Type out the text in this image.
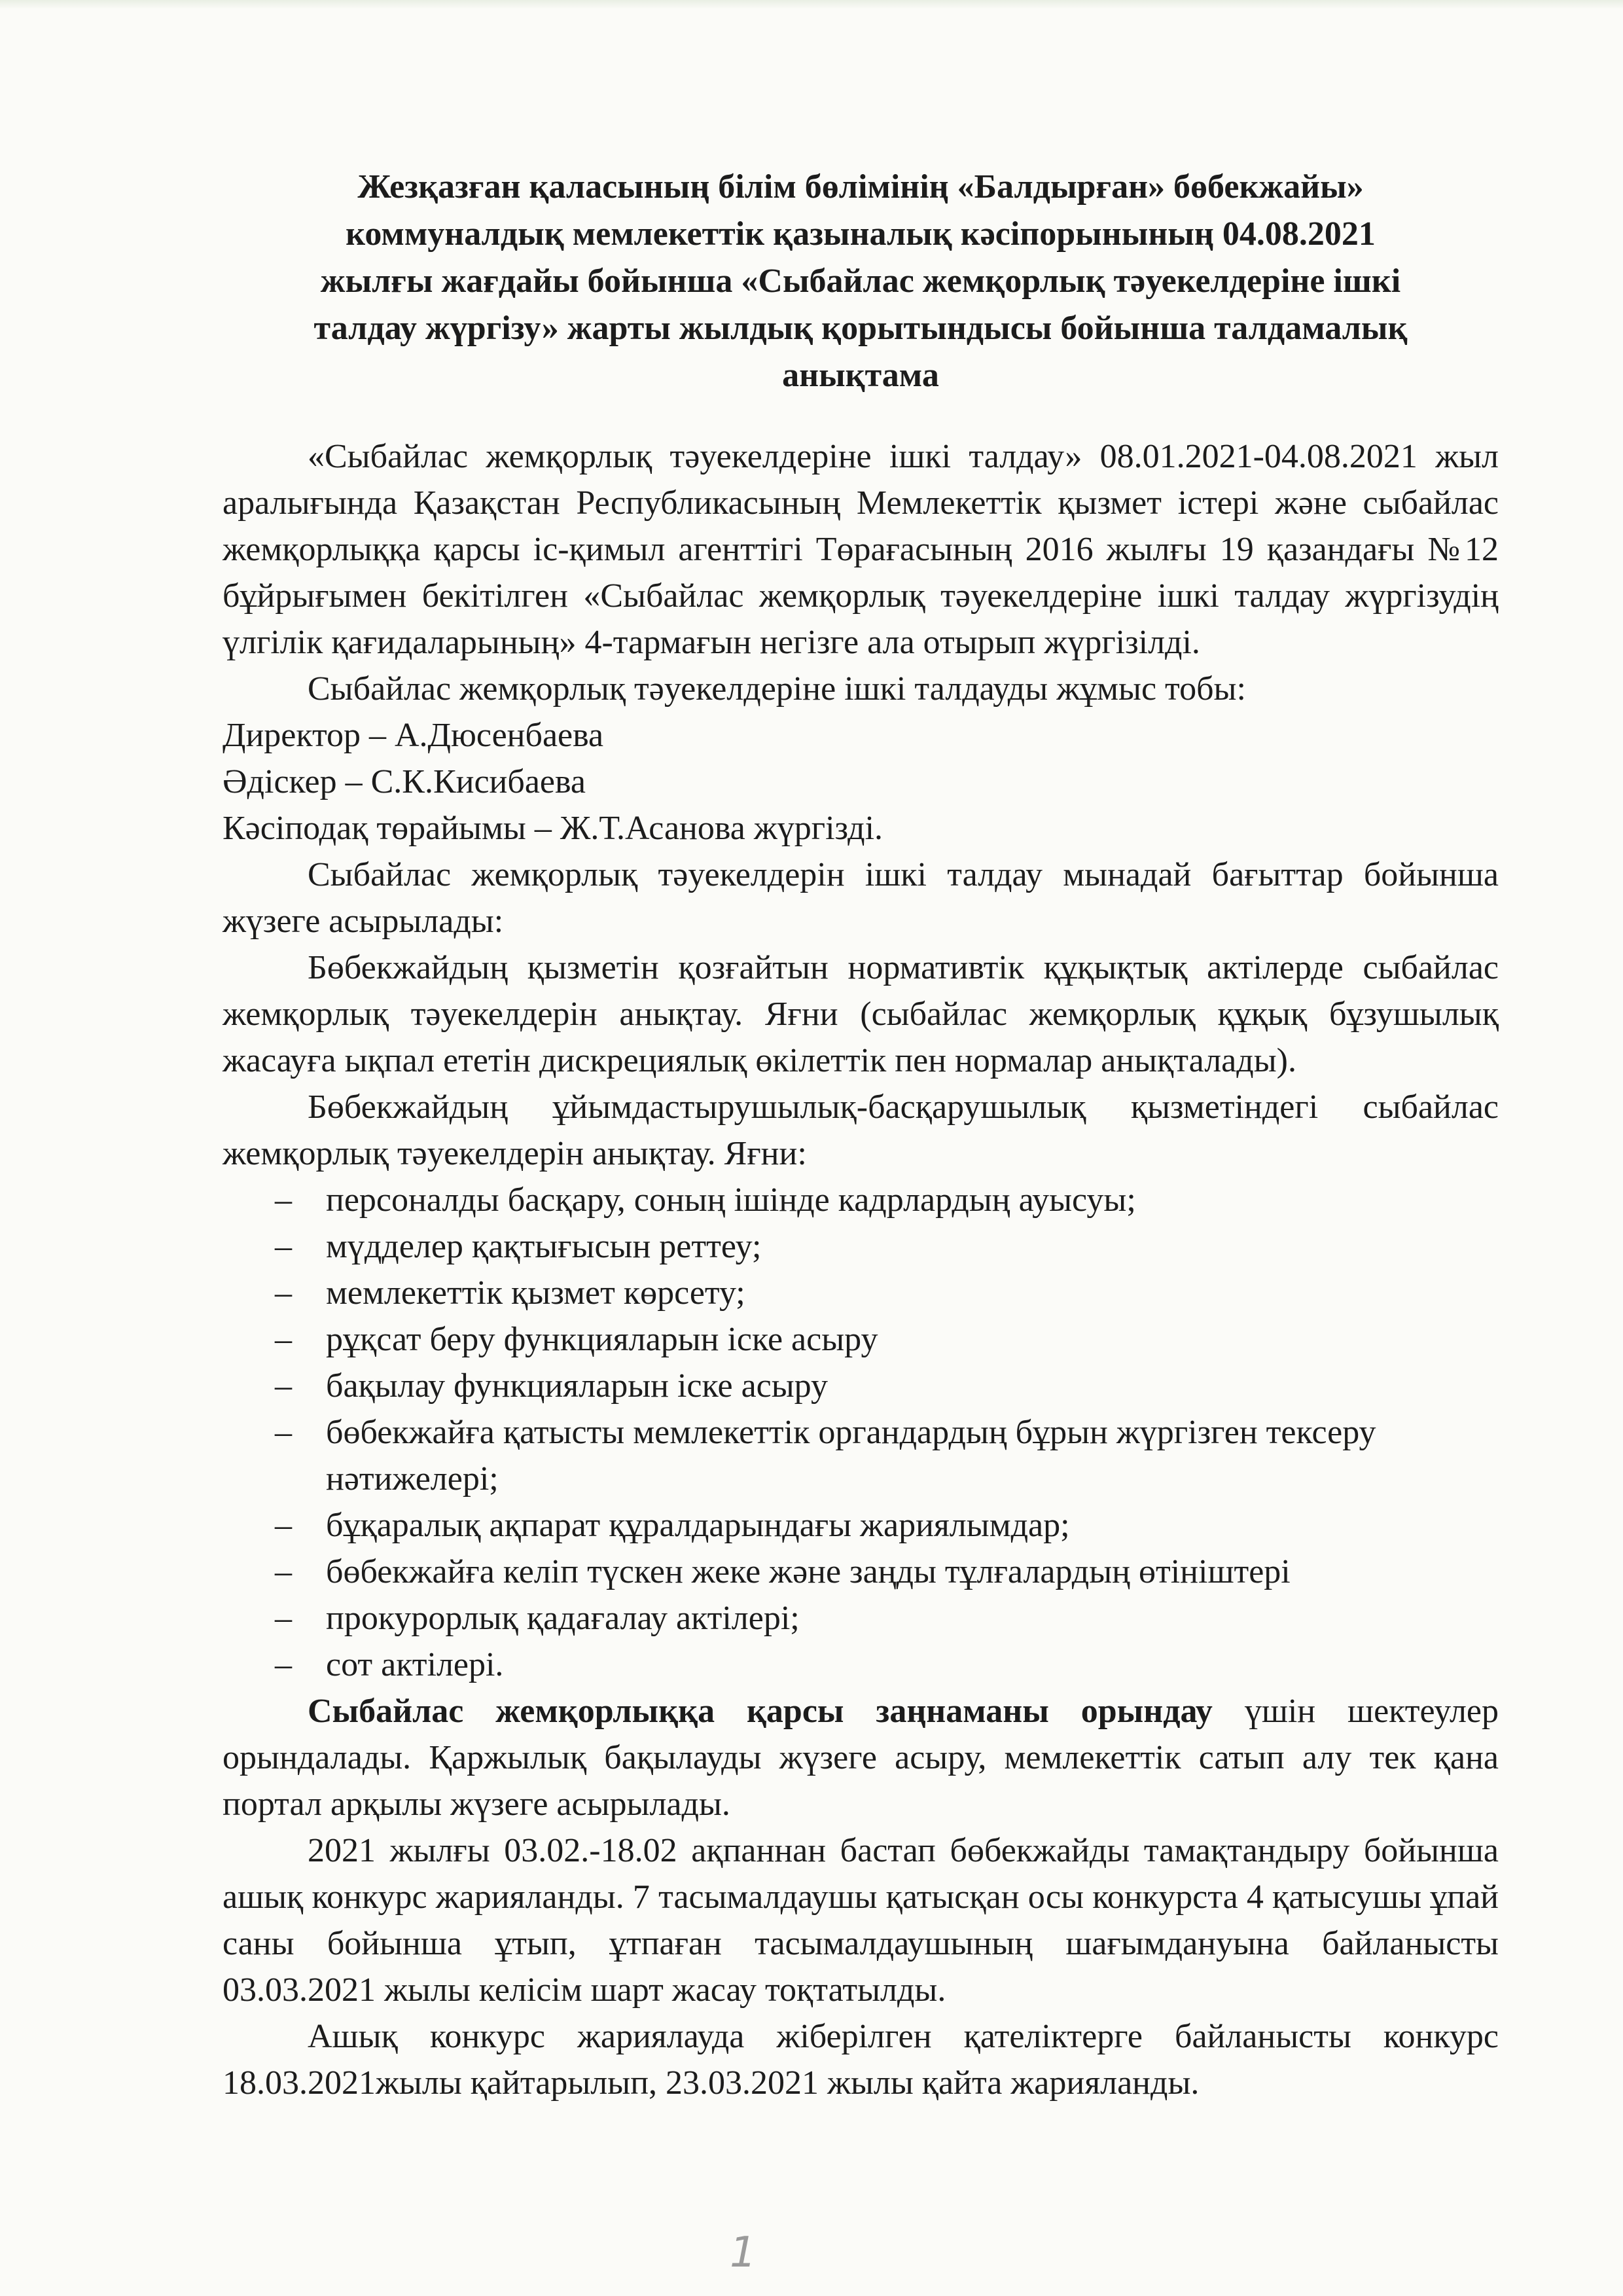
Жезқазған қаласының білім бөлімінің «Балдырған» бөбекжайы»
коммуналдық мемлекеттік қазыналық кәсіпорынының 04.08.2021
жылғы жағдайы бойынша «Сыбайлас жемқорлық тәуекелдеріне ішкі
талдау жүргізу» жарты жылдық қорытындысы бойынша талдамалық
анықтама

«Сыбайлас жемқорлық тәуекелдеріне ішкі талдау» 08.01.2021-04.08.2021 жыл аралығында Қазақстан Республикасының Мемлекеттік қызмет істері және сыбайлас жемқорлыққа қарсы іс-қимыл агенттігі Төрағасының 2016 жылғы 19 қазандағы №12 бұйрығымен бекітілген «Сыбайлас жемқорлық тәуекелдеріне ішкі талдау жүргізудің үлгілік қағидаларының» 4-тармағын негізге ала отырып жүргізілді.

Сыбайлас жемқорлық тәуекелдеріне ішкі талдауды жұмыс тобы:

Директор – А.Дюсенбаева

Әдіскер – С.К.Кисибаева

Кәсіподақ төрайымы – Ж.Т.Асанова жүргізді.

Сыбайлас жемқорлық тәуекелдерін ішкі талдау мынадай бағыттар бойынша жүзеге асырылады:

Бөбекжайдың қызметін қозғайтын нормативтік құқықтық актілерде сыбайлас жемқорлық тәуекелдерін анықтау. Яғни (сыбайлас жемқорлық құқық бұзушылық жасауға ықпал ететін дискрециялық өкілеттік пен нормалар анықталады).

Бөбекжайдың ұйымдастырушылық-басқарушылық қызметіндегі сыбайлас жемқорлық тәуекелдерін анықтау. Яғни:

– персоналды басқару, соның ішінде кадрлардың ауысуы;
– мүдделер қақтығысын реттеу;
– мемлекеттік қызмет көрсету;
– рұқсат беру функцияларын іске асыру
– бақылау функцияларын іске асыру
– бөбекжайға қатысты мемлекеттік органдардың бұрын жүргізген тексеру нәтижелері;
– бұқаралық ақпарат құралдарындағы жариялымдар;
– бөбекжайға келіп түскен жеке және заңды тұлғалардың өтініштері
– прокурорлық қадағалау актілері;
– сот актілері.

Сыбайлас жемқорлыққа қарсы заңнаманы орындау үшін шектеулер орындалады. Қаржылық бақылауды жүзеге асыру, мемлекеттік сатып алу тек қана портал арқылы жүзеге асырылады.

2021 жылғы 03.02.-18.02 ақпаннан бастап бөбекжайды тамақтандыру бойынша ашық конкурс жарияланды. 7 тасымалдаушы қатысқан осы конкурста 4 қатысушы ұпай саны бойынша ұтып, ұтпаған тасымалдаушының шағымдануына байланысты 03.03.2021 жылы келісім шарт жасау тоқтатылды.

Ашық конкурс жариялауда жіберілген қателіктерге байланысты конкурс 18.03.2021жылы қайтарылып, 23.03.2021 жылы қайта жарияланды.

1
